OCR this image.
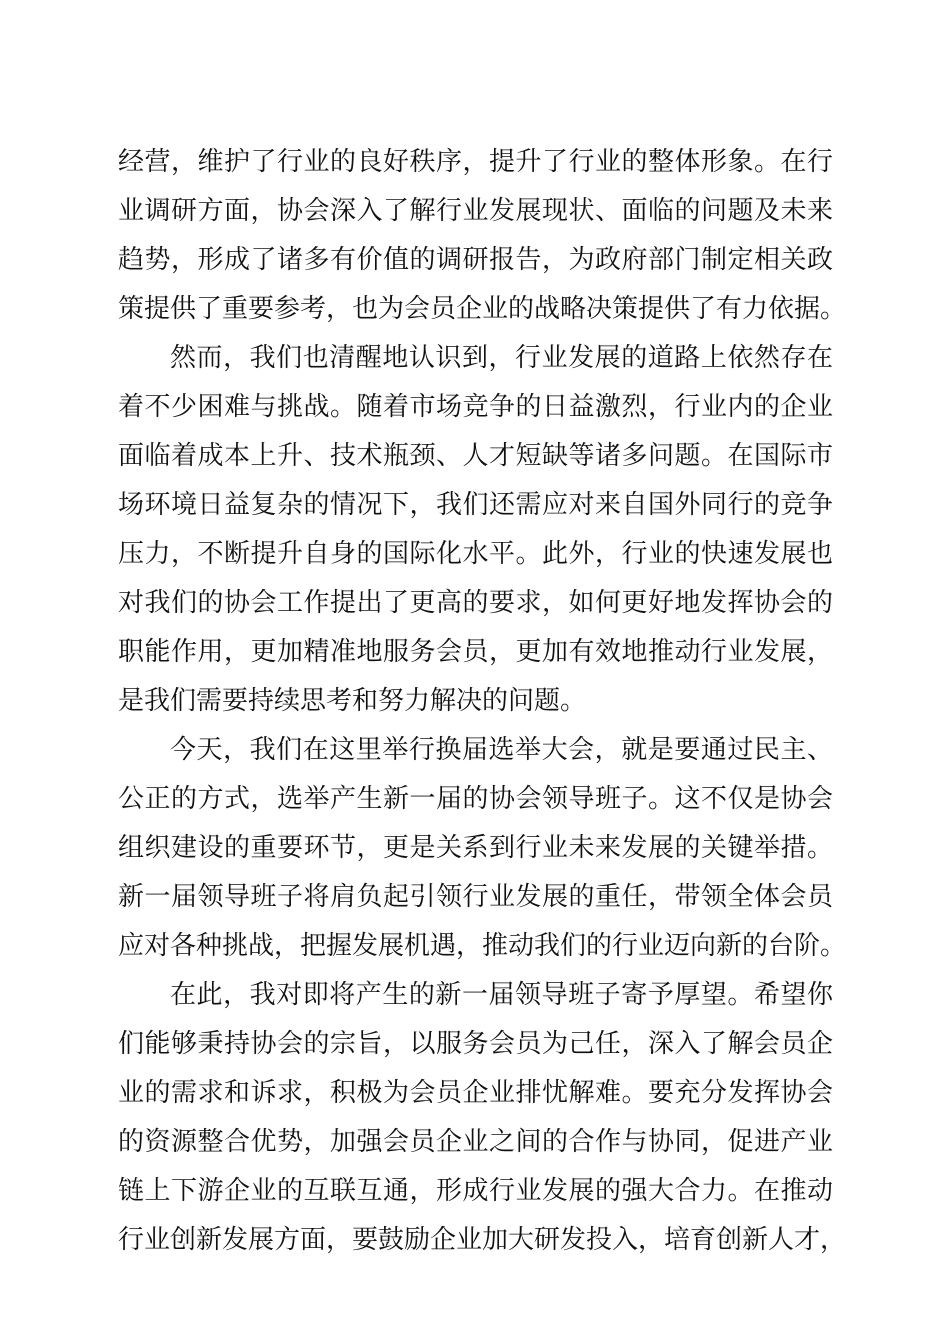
经营，维护了行业的良好秩序，提升了行业的整体形象。在行
业调研方面，协会深入了解行业发展现状、面临的问题及未来
趋势，形成了诸多有价值的调研报告，为政府部门制定相关政
策提供了重要参考，也为会员企业的战略决策提供了有力依据。
然而，我们也清醒地认识到，行业发展的道路上依然存在
着不少困难与挑战。随着市场竞争的日益激烈，行业内的企业
面临着成本上升、技术瓶颈、人才短缺等诸多问题。在国际市
场环境日益复杂的情况下，我们还需应对来自国外同行的竞争
压力，不断提升自身的国际化水平。此外，行业的快速发展也
对我们的协会工作提出了更高的要求，如何更好地发挥协会的
职能作用，更加精准地服务会员，更加有效地推动行业发展，
是我们需要持续思考和努力解决的问题。
今天，我们在这里举行换届选举大会，就是要通过民主、
公正的方式，选举产生新一届的协会领导班子。这不仅是协会
组织建设的重要环节，更是关系到行业未来发展的关键举措。
新一届领导班子将肩负起引领行业发展的重任，带领全体会员
应对各种挑战，把握发展机遇，推动我们的行业迈向新的台阶。
在此，我对即将产生的新一届领导班子寄予厚望。希望你
们能够秉持协会的宗旨，以服务会员为己任，深入了解会员企
业的需求和诉求，积极为会员企业排忧解难。要充分发挥协会
的资源整合优势，加强会员企业之间的合作与协同，促进产业
链上下游企业的互联互通，形成行业发展的强大合力。在推动
行业创新发展方面，要鼓励企业加大研发投入，培育创新人才，
